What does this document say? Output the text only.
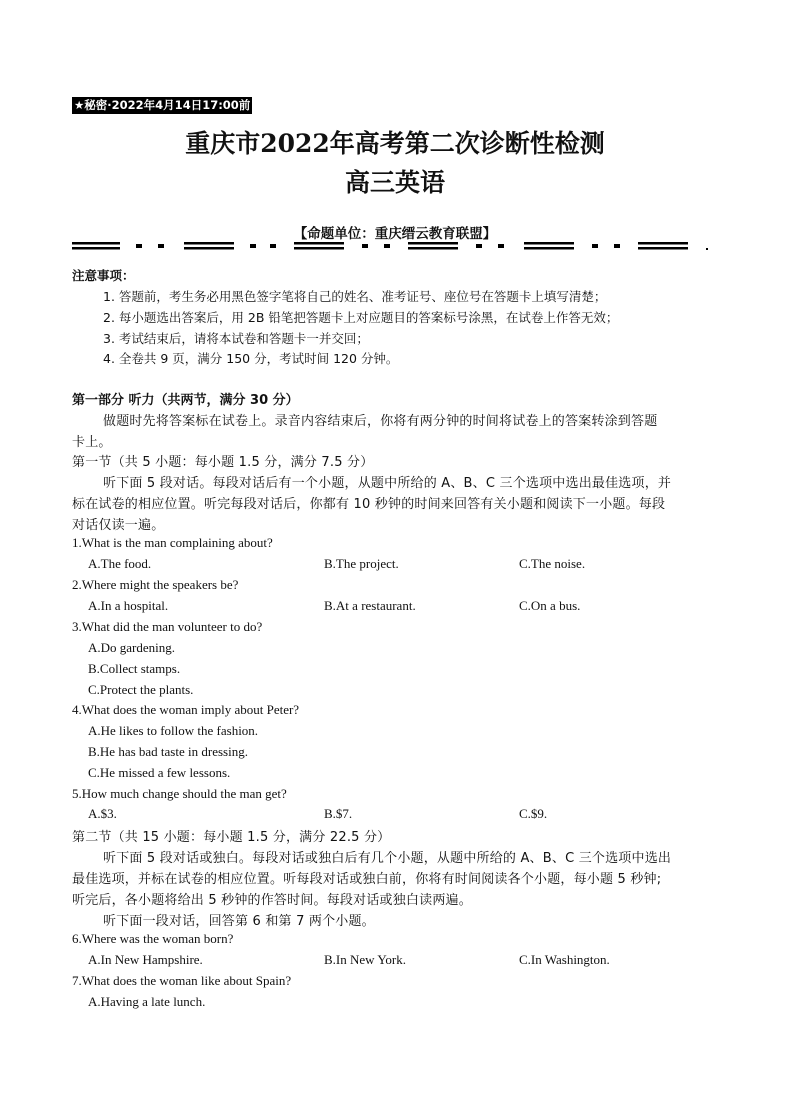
★秘密·2022年4月14日17:00前
重庆市2022年高考第二次诊断性检测
高三英语
【命题单位：重庆缙云教育联盟】
注意事项：
1. 答题前，考生务必用黑色签字笔将自己的姓名、准考证号、座位号在答题卡上填写清楚；
2. 每小题选出答案后，用 2B 铅笔把答题卡上对应题目的答案标号涂黑，在试卷上作答无效；
3. 考试结束后，请将本试卷和答题卡一并交回；
4. 全卷共 9 页，满分 150 分，考试时间 120 分钟。
第一部分 听力（共两节，满分 30 分）
做题时先将答案标在试卷上。录音内容结束后，你将有两分钟的时间将试卷上的答案转涂到答题
卡上。
第一节（共 5 小题：每小题 1.5 分，满分 7.5 分）
听下面 5 段对话。每段对话后有一个小题，从题中所给的 A、B、C 三个选项中选出最佳选项，并
标在试卷的相应位置。听完每段对话后，你都有 10 秒钟的时间来回答有关小题和阅读下一小题。每段
对话仅读一遍。
1.What is the man complaining about?
A.The food.	B.The project.	C.The noise.
2.Where might the speakers be?
A.In a hospital.	B.At a restaurant.	C.On a bus.
3.What did the man volunteer to do?
A.Do gardening.
B.Collect stamps.
C.Protect the plants.
4.What does the woman imply about Peter?
A.He likes to follow the fashion.
B.He has bad taste in dressing.
C.He missed a few lessons.
5.How much change should the man get?
A.$3.	B.$7.	C.$9.
第二节（共 15 小题：每小题 1.5 分，满分 22.5 分）
听下面 5 段对话或独白。每段对话或独白后有几个小题，从题中所给的 A、B、C 三个选项中选出
最佳选项，并标在试卷的相应位置。听每段对话或独白前，你将有时间阅读各个小题，每小题 5 秒钟;
听完后，各小题将给出 5 秒钟的作答时间。每段对话或独白读两遍。
听下面一段对话，回答第 6 和第 7 两个小题。
6.Where was the woman born?
A.In New Hampshire.	B.In New York.	C.In Washington.
7.What does the woman like about Spain?
A.Having a late lunch.
